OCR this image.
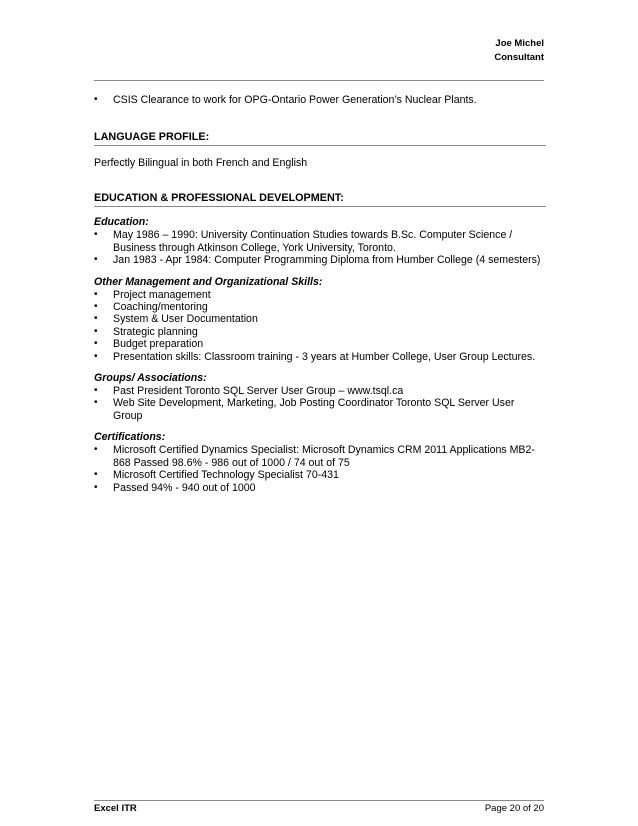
Joe Michel
Consultant
• CSIS Clearance to work for OPG-Ontario Power Generation’s Nuclear Plants.
LANGUAGE PROFILE:
Perfectly Bilingual in both French and English
EDUCATION & PROFESSIONAL DEVELOPMENT:
Education:
• May 1986 – 1990: University Continuation Studies towards B.Sc. Computer Science / Business through Atkinson College, York University, Toronto.
• Jan 1983 - Apr 1984: Computer Programming Diploma from Humber College (4 semesters)
Other Management and Organizational Skills:
• Project management
• Coaching/mentoring
• System & User Documentation
• Strategic planning
• Budget preparation
• Presentation skills: Classroom training - 3 years at Humber College, User Group Lectures.
Groups/ Associations:
• Past President Toronto SQL Server User Group – www.tsql.ca
• Web Site Development, Marketing, Job Posting Coordinator Toronto SQL Server User Group
Certifications:
• Microsoft Certified Dynamics Specialist: Microsoft Dynamics CRM 2011 Applications MB2-868 Passed 98.6% - 986 out of 1000 / 74 out of 75
• Microsoft Certified Technology Specialist 70-431
• Passed 94% - 940 out of 1000
Excel ITR	Page 20 of 20
